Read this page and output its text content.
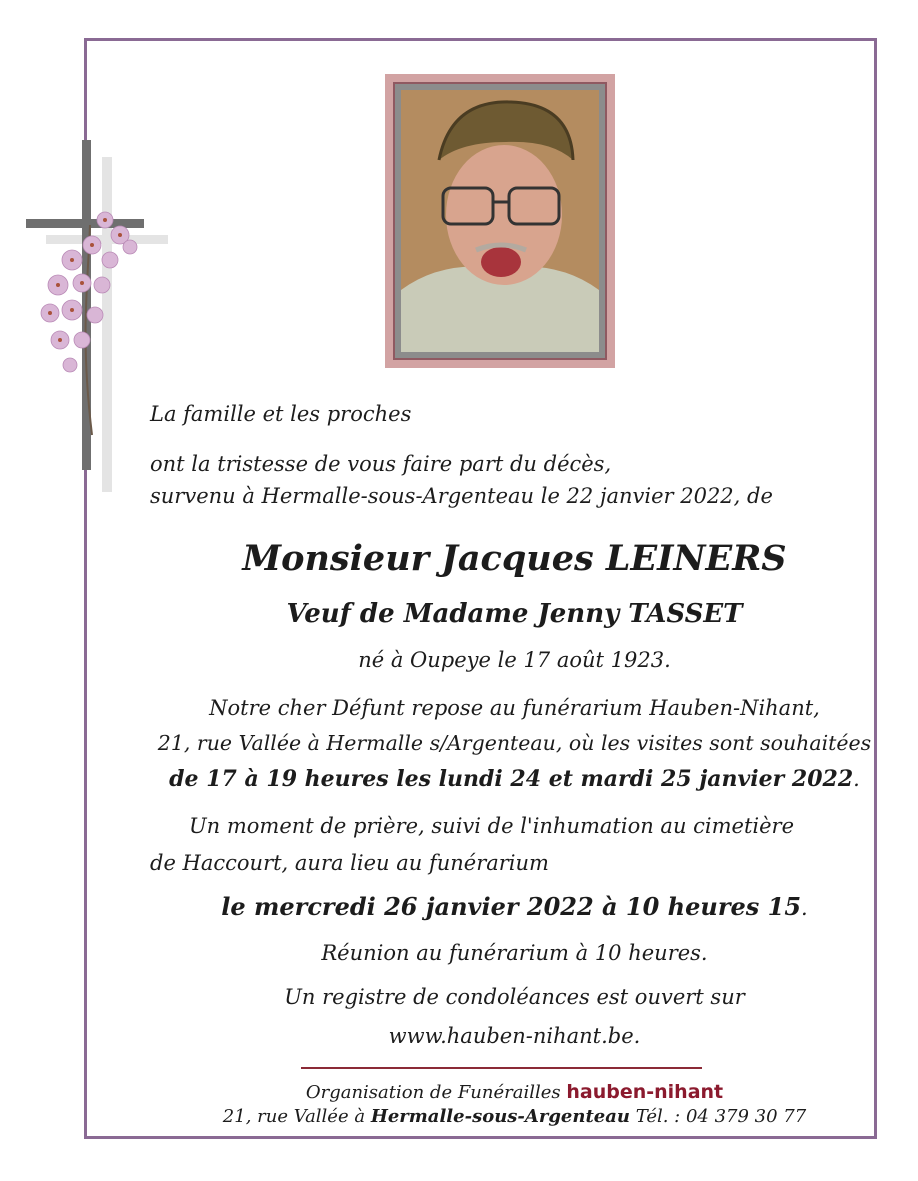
La famille et les proches
ont la tristesse de vous faire part du décès,
survenu à Hermalle-sous-Argenteau le 22 janvier 2022, de
Monsieur Jacques LEINERS
Veuf de Madame Jenny TASSET
né à Oupeye le 17 août 1923.
Notre cher Défunt repose au funérarium Hauben-Nihant,
21, rue Vallée à Hermalle s/Argenteau, où les visites sont souhaitées
de 17 à 19 heures les lundi 24 et mardi 25 janvier 2022.
Un moment de prière, suivi de l'inhumation au cimetière
de Haccourt, aura lieu au funérarium
le mercredi 26 janvier 2022 à 10 heures 15.
Réunion au funérarium à 10 heures.
Un registre de condoléances est ouvert sur
www.hauben-nihant.be.
Organisation de Funérailles hauben-nihant
21, rue Vallée à Hermalle-sous-Argenteau Tél. : 04 379 30 77
